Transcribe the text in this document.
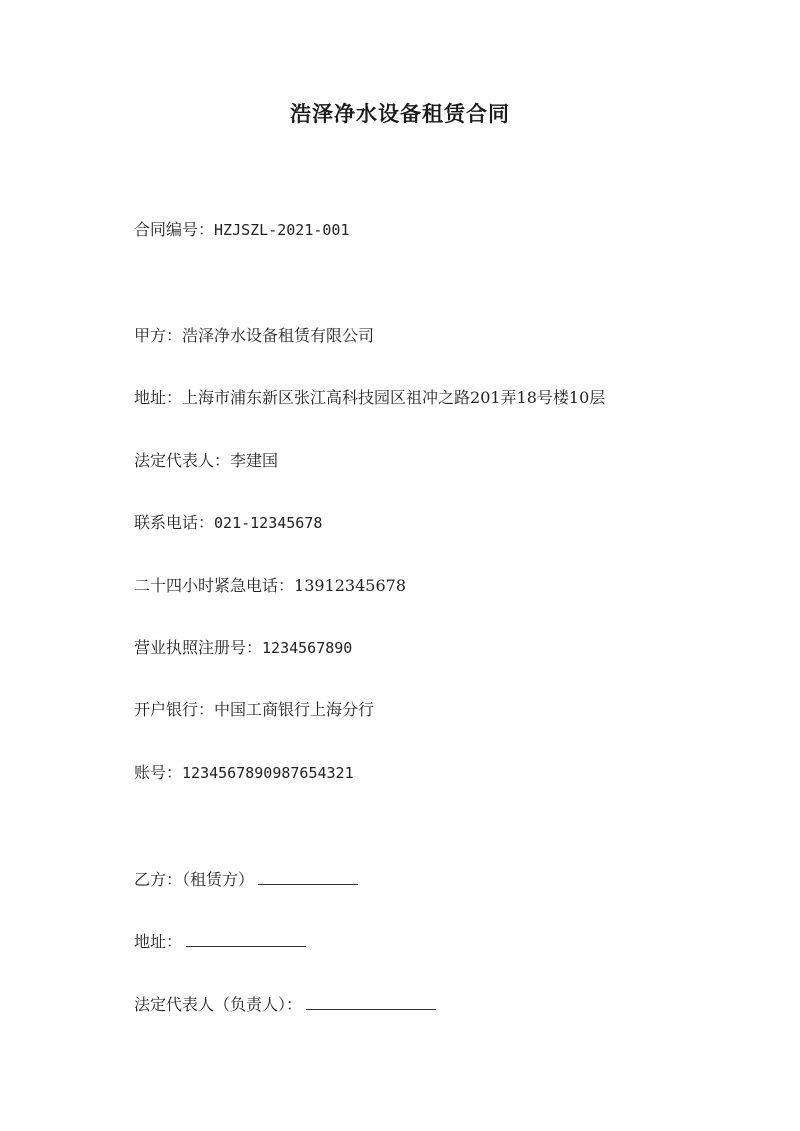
浩泽净水设备租赁合同
合同编号：HZJSZL-2021-001
甲方：浩泽净水设备租赁有限公司
地址：上海市浦东新区张江高科技园区祖冲之路201弄18号楼10层
法定代表人：李建国
联系电话：021-12345678
二十四小时紧急电话：13912345678
营业执照注册号：1234567890
开户银行：中国工商银行上海分行
账号：1234567890987654321
乙方：（租赁方）
地址：
法定代表人（负责人）：
